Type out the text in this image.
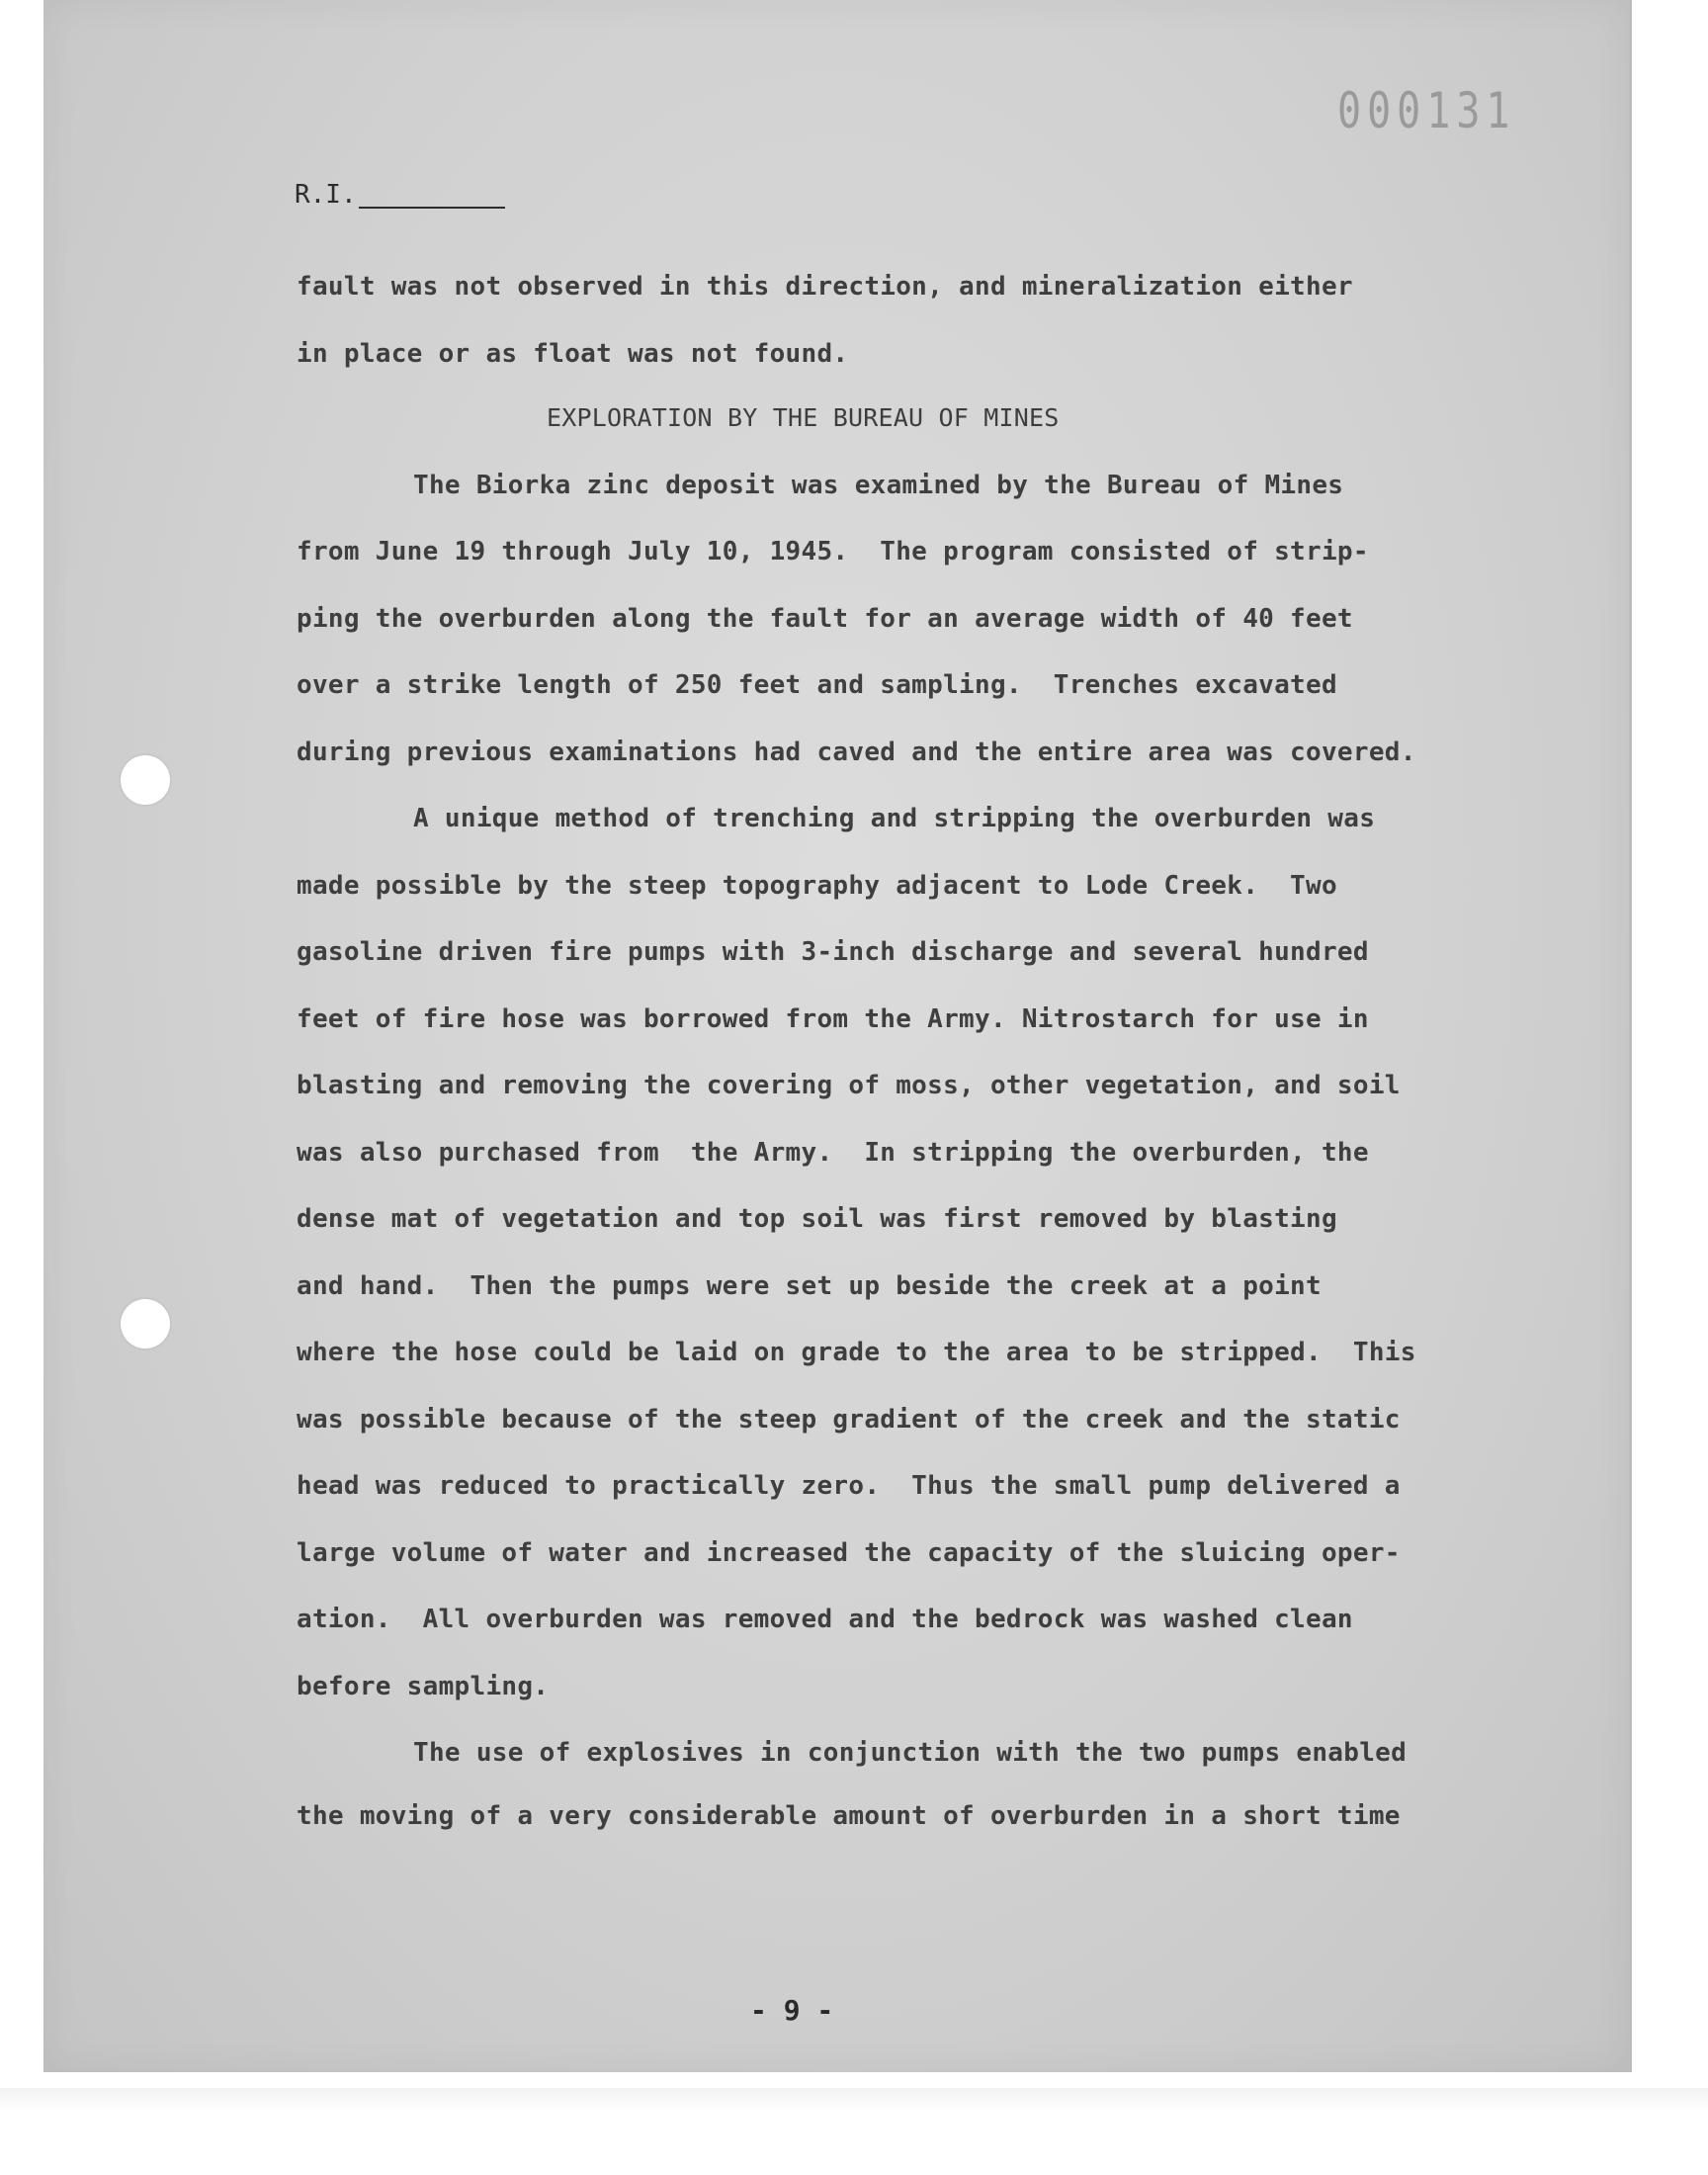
000131
R.I.
fault was not observed in this direction, and mineralization either
in place or as float was not found.
EXPLORATION BY THE BUREAU OF MINES
The Biorka zinc deposit was examined by the Bureau of Mines
from June 19 through July 10, 1945.  The program consisted of strip-
ping the overburden along the fault for an average width of 40 feet
over a strike length of 250 feet and sampling.  Trenches excavated
during previous examinations had caved and the entire area was covered.
A unique method of trenching and stripping the overburden was
made possible by the steep topography adjacent to Lode Creek.  Two
gasoline driven fire pumps with 3-inch discharge and several hundred
feet of fire hose was borrowed from the Army. Nitrostarch for use in
blasting and removing the covering of moss, other vegetation, and soil
was also purchased from  the Army.  In stripping the overburden, the
dense mat of vegetation and top soil was first removed by blasting
and hand.  Then the pumps were set up beside the creek at a point
where the hose could be laid on grade to the area to be stripped.  This
was possible because of the steep gradient of the creek and the static
head was reduced to practically zero.  Thus the small pump delivered a
large volume of water and increased the capacity of the sluicing oper-
ation.  All overburden was removed and the bedrock was washed clean
before sampling.
The use of explosives in conjunction with the two pumps enabled
the moving of a very considerable amount of overburden in a short time
- 9 -
